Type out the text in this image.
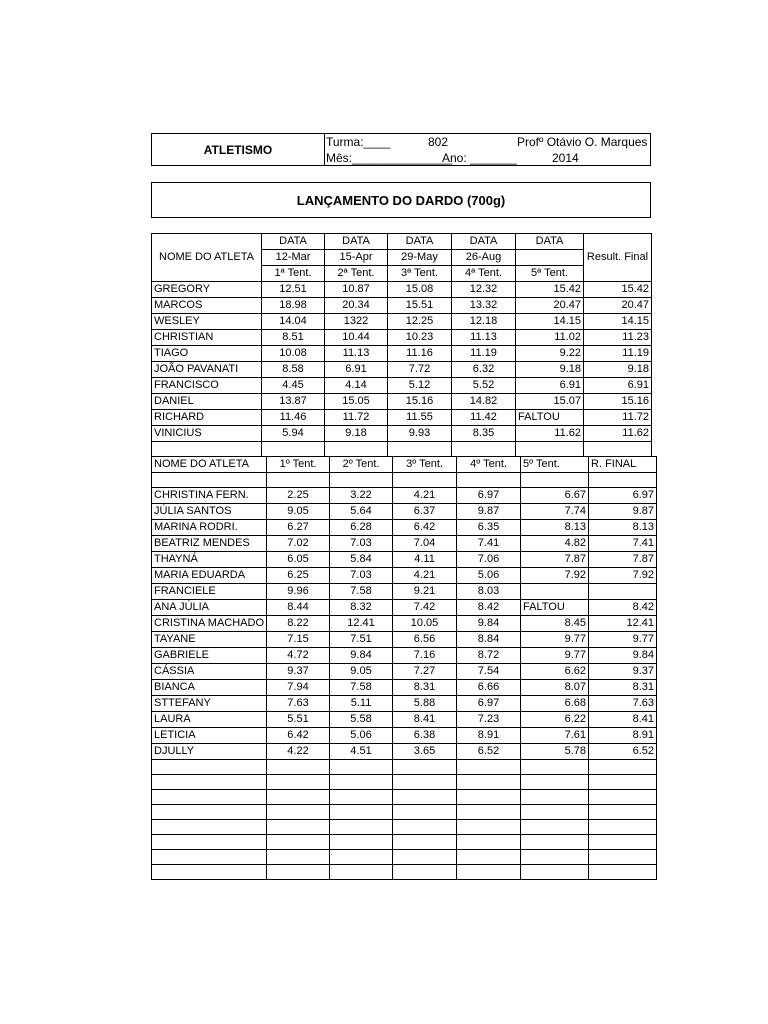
ATLETISMO
Turma:____	802	Profº Otávio O. Marques
Mês:_______________
Ano: _______	2014
LANÇAMENTO DO DARDO (700g)
NOME DO ATLETA	DATA	DATA	DATA	DATA	DATA	Result. Final
	12-Mar	15-Apr	29-May	26-Aug		
	1ª Tent.	2ª Tent.	3ª Tent.	4ª Tent.	5ª Tent.	
GREGORY	12.51	10.87	15.08	12.32	15.42	15.42
MARCOS	18.98	20.34	15.51	13.32	20.47	20.47
WESLEY	14.04	1322	12.25	12.18	14.15	14.15
CHRISTIAN	8.51	10.44	10.23	11.13	11.02	11.23
TIAGO	10.08	11.13	11.16	11.19	9.22	11.19
JOÃO PAVANATI	8.58	6.91	7.72	6.32	9.18	9.18
FRANCISCO	4.45	4.14	5.12	5.52	6.91	6.91
DANIEL	13.87	15.05	15.16	14.82	15.07	15.16
RICHARD	11.46	11.72	11.55	11.42	FALTOU	11.72
VINICIUS	5.94	9.18	9.93	8.35	11.62	11.62

NOME DO ATLETA	1º Tent.	2º Tent.	3º Tent.	4º Tent.	5º Tent.	R. FINAL

CHRISTINA FERN.	2.25	3.22	4.21	6.97	6.67	6.97
JÚLIA SANTOS	9.05	5.64	6.37	9.87	7.74	9.87
MARINA RODRI.	6.27	6.28	6.42	6.35	8.13	8.13
BEATRIZ MENDES	7.02	7.03	7.04	7.41	4.82	7.41
THAYNÁ	6.05	5.84	4.11	7.06	7.87	7.87
MARIA EDUARDA	6.25	7.03	4.21	5.06	7.92	7.92
FRANCIELE	9.96	7.58	9.21	8.03		
ANA JÚLIA	8.44	8.32	7.42	8.42	FALTOU	8.42
CRISTINA MACHADO	8.22	12.41	10.05	9.84	8.45	12.41
TAYANE	7.15	7.51	6.56	8.84	9.77	9.77
GABRIELE	4.72	9.84	7.16	8.72	9.77	9.84
CÁSSIA	9.37	9.05	7.27	7.54	6.62	9.37
BIANCA	7.94	7.58	8.31	6.66	8.07	8.31
STTEFANY	7.63	5.11	5.88	6.97	6.68	7.63
LAURA	5.51	5.58	8.41	7.23	6.22	8.41
LETICIA	6.42	5.06	6.38	8.91	7.61	8.91
DJULLY	4.22	4.51	3.65	6.52	5.78	6.52
